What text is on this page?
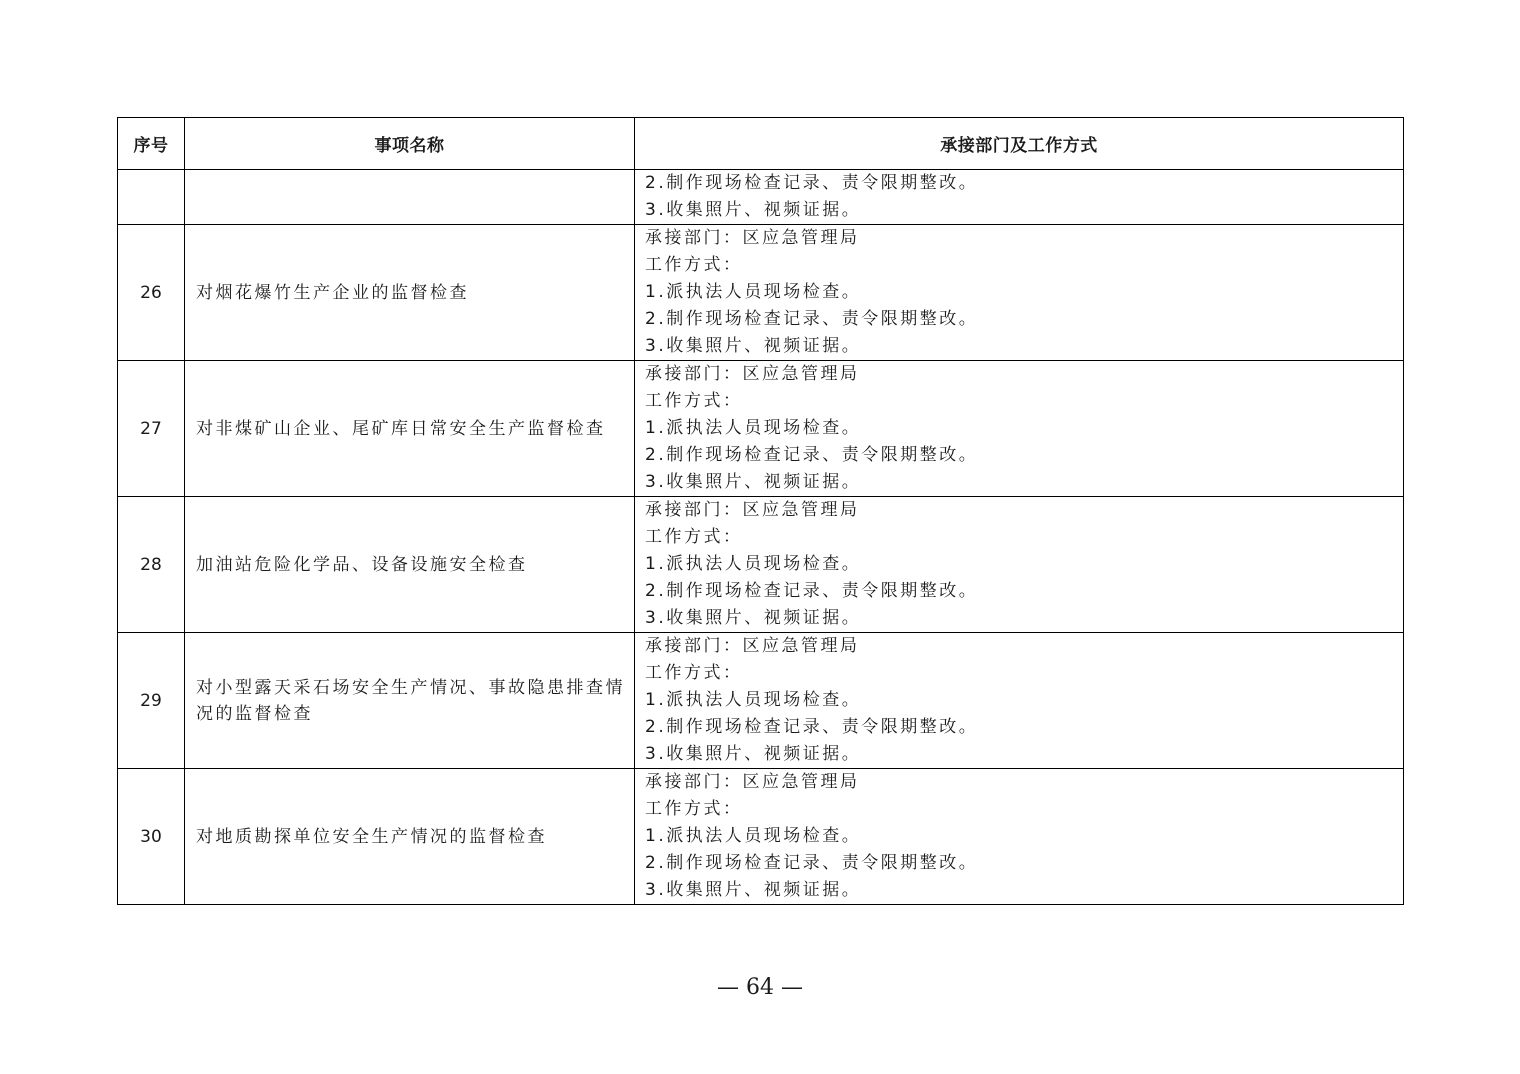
序号	事项名称	承接部门及工作方式

		2.制作现场检查记录、责令限期整改。
3.收集照片、视频证据。

26	对烟花爆竹生产企业的监督检查	承接部门：区应急管理局
工作方式：
1.派执法人员现场检查。
2.制作现场检查记录、责令限期整改。
3.收集照片、视频证据。

27	对非煤矿山企业、尾矿库日常安全生产监督检查	承接部门：区应急管理局
工作方式：
1.派执法人员现场检查。
2.制作现场检查记录、责令限期整改。
3.收集照片、视频证据。

28	加油站危险化学品、设备设施安全检查	承接部门：区应急管理局
工作方式：
1.派执法人员现场检查。
2.制作现场检查记录、责令限期整改。
3.收集照片、视频证据。

29	对小型露天采石场安全生产情况、事故隐患排查情况的监督检查	承接部门：区应急管理局
工作方式：
1.派执法人员现场检查。
2.制作现场检查记录、责令限期整改。
3.收集照片、视频证据。

30	对地质勘探单位安全生产情况的监督检查	承接部门：区应急管理局
工作方式：
1.派执法人员现场检查。
2.制作现场检查记录、责令限期整改。
3.收集照片、视频证据。
— 64 —
